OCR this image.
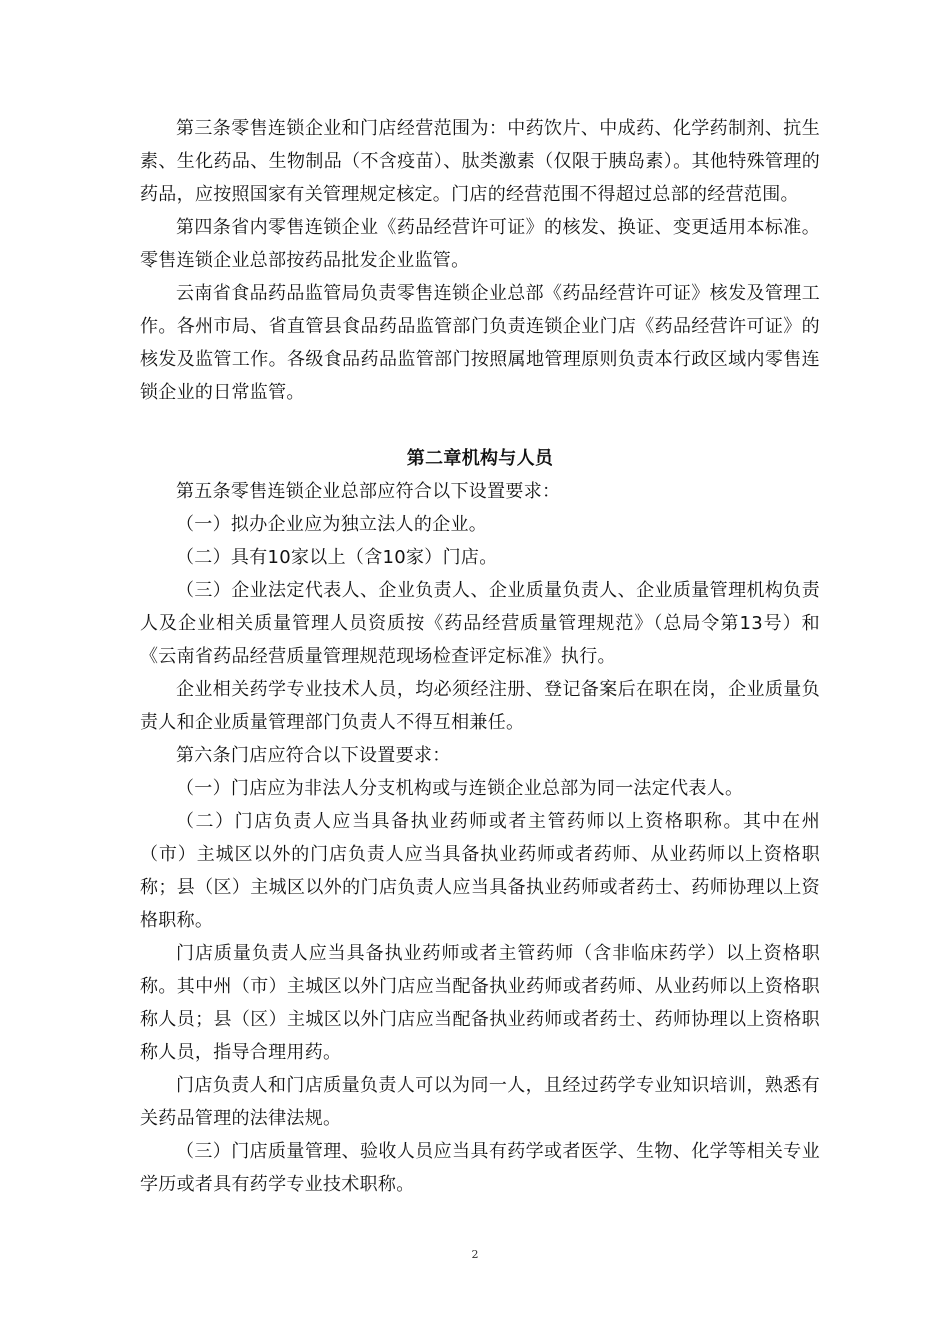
第三条零售连锁企业和门店经营范围为：中药饮片、中成药、化学药制剂、抗生素、生化药品、生物制品（不含疫苗）、肽类激素（仅限于胰岛素）。其他特殊管理的药品，应按照国家有关管理规定核定。门店的经营范围不得超过总部的经营范围。

第四条省内零售连锁企业《药品经营许可证》的核发、换证、变更适用本标准。零售连锁企业总部按药品批发企业监管。

云南省食品药品监管局负责零售连锁企业总部《药品经营许可证》核发及管理工作。各州市局、省直管县食品药品监管部门负责连锁企业门店《药品经营许可证》的核发及监管工作。各级食品药品监管部门按照属地管理原则负责本行政区域内零售连锁企业的日常监管。

第二章机构与人员

第五条零售连锁企业总部应符合以下设置要求：

（一）拟办企业应为独立法人的企业。

（二）具有10家以上（含10家）门店。

（三）企业法定代表人、企业负责人、企业质量负责人、企业质量管理机构负责人及企业相关质量管理人员资质按《药品经营质量管理规范》（总局令第13号）和《云南省药品经营质量管理规范现场检查评定标准》执行。

企业相关药学专业技术人员，均必须经注册、登记备案后在职在岗，企业质量负责人和企业质量管理部门负责人不得互相兼任。

第六条门店应符合以下设置要求：

（一）门店应为非法人分支机构或与连锁企业总部为同一法定代表人。

（二）门店负责人应当具备执业药师或者主管药师以上资格职称。其中在州（市）主城区以外的门店负责人应当具备执业药师或者药师、从业药师以上资格职称；县（区）主城区以外的门店负责人应当具备执业药师或者药士、药师协理以上资格职称。

门店质量负责人应当具备执业药师或者主管药师（含非临床药学）以上资格职称。其中州（市）主城区以外门店应当配备执业药师或者药师、从业药师以上资格职称人员；县（区）主城区以外门店应当配备执业药师或者药士、药师协理以上资格职称人员，指导合理用药。

门店负责人和门店质量负责人可以为同一人，且经过药学专业知识培训，熟悉有关药品管理的法律法规。

（三）门店质量管理、验收人员应当具有药学或者医学、生物、化学等相关专业学历或者具有药学专业技术职称。

2
